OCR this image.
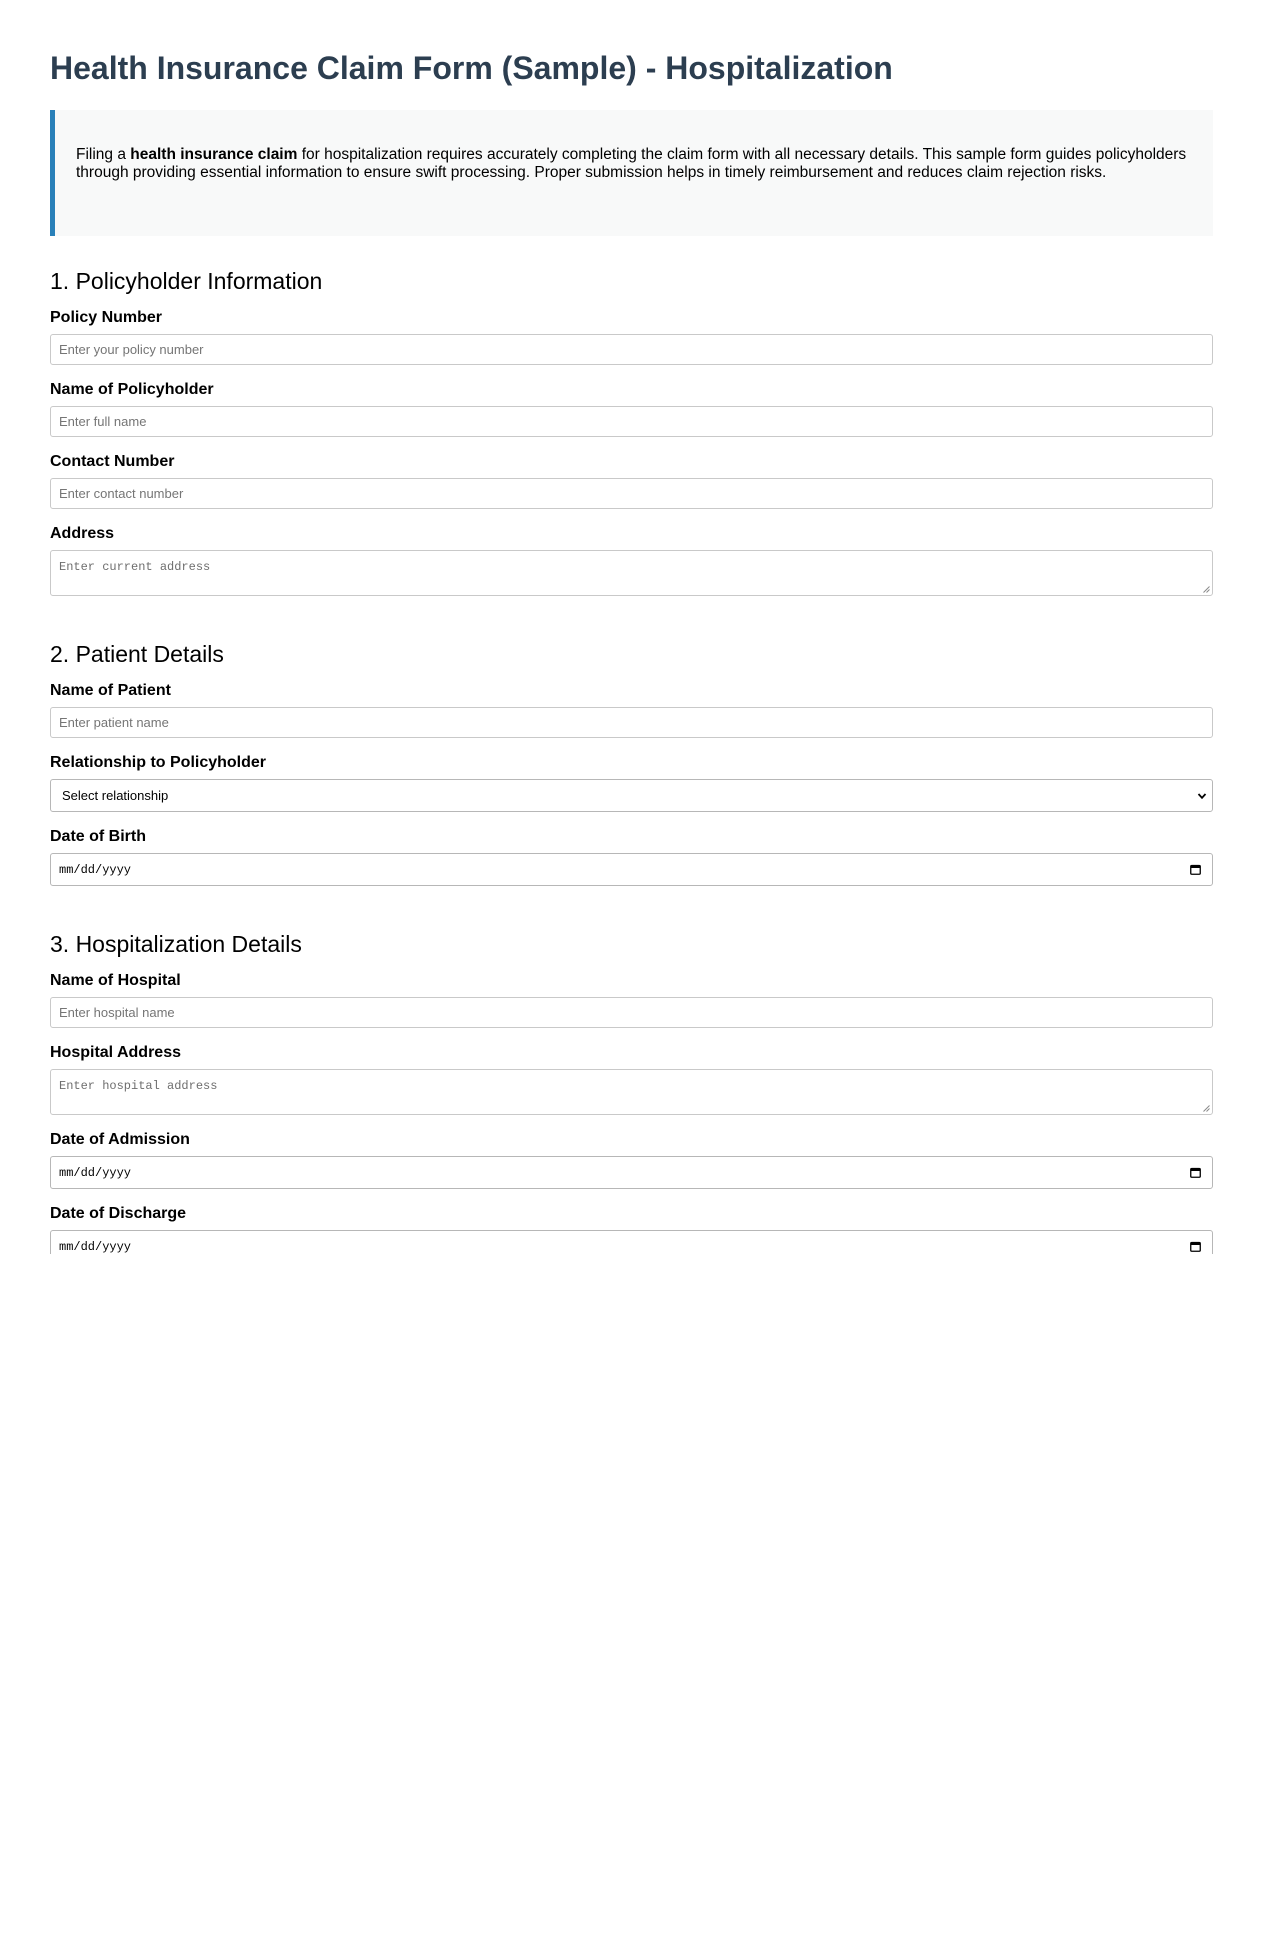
Health Insurance Claim Form (Sample) - Hospitalization
Filing a health insurance claim for hospitalization requires accurately completing the claim form with all necessary details. This sample form guides policyholders through providing essential information to ensure swift processing. Proper submission helps in timely reimbursement and reduces claim rejection risks.
1. Policyholder Information
Policy Number
Enter your policy number
Name of Policyholder
Enter full name
Contact Number
Enter contact number
Address
Enter current address
2. Patient Details
Name of Patient
Enter patient name
Relationship to Policyholder
Select relationship
Date of Birth
mm/dd/yyyy
3. Hospitalization Details
Name of Hospital
Enter hospital name
Hospital Address
Enter hospital address
Date of Admission
mm/dd/yyyy
Date of Discharge
mm/dd/yyyy
